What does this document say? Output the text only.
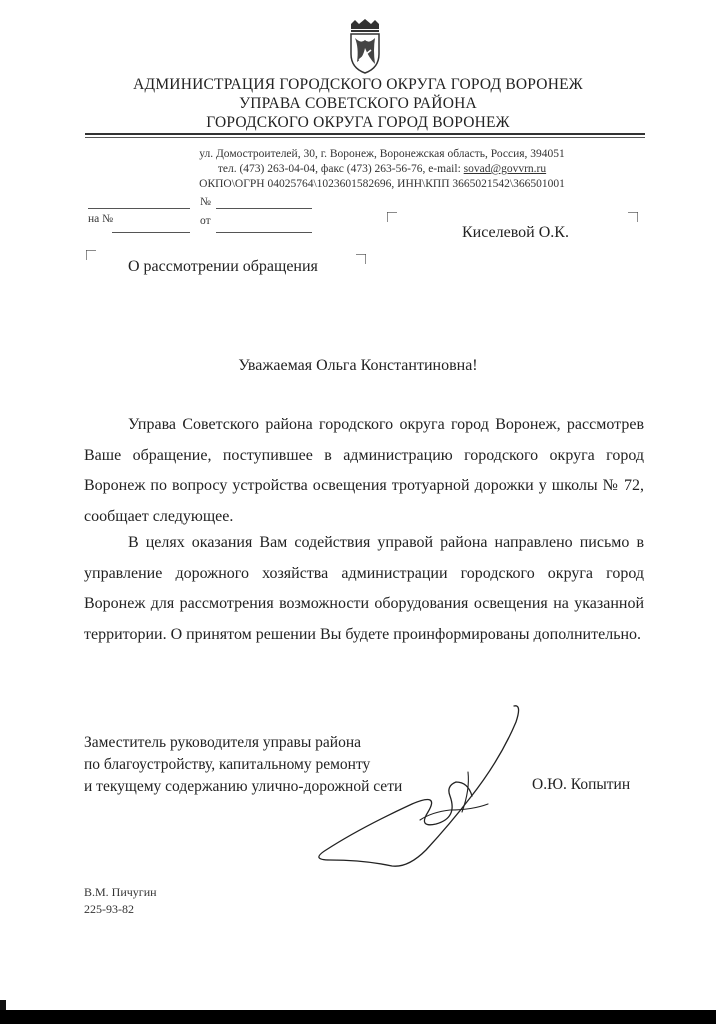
АДМИНИСТРАЦИЯ ГОРОДСКОГО ОКРУГА ГОРОД ВОРОНЕЖ
УПРАВА СОВЕТСКОГО РАЙОНА
ГОРОДСКОГО ОКРУГА ГОРОД ВОРОНЕЖ
ул. Домостроителей, 30, г. Воронеж, Воронежская область, Россия, 394051
тел. (473) 263-04-04, факс (473) 263-56-76, e-mail: sovad@govvrn.ru
ОКПО\ОГРН 04025764\1023601582696, ИНН\КПП 3665021542\366501001
№
на №	от
Киселевой О.К.
О рассмотрении обращения
Уважаемая Ольга Константиновна!
Управа Советского района городского округа город Воронеж, рассмотрев Ваше обращение, поступившее в администрацию городского округа город Воронеж по вопросу устройства освещения тротуарной дорожки у школы № 72, сообщает следующее.
В целях оказания Вам содействия управой района направлено письмо в управление дорожного хозяйства администрации городского округа город Воронеж для рассмотрения возможности оборудования освещения на указанной территории. О принятом решении Вы будете проинформированы дополнительно.
Заместитель руководителя управы района
по благоустройству, капитальному ремонту
и текущему содержанию улично-дорожной сети	О.Ю. Копытин
В.М. Пичугин
225-93-82
